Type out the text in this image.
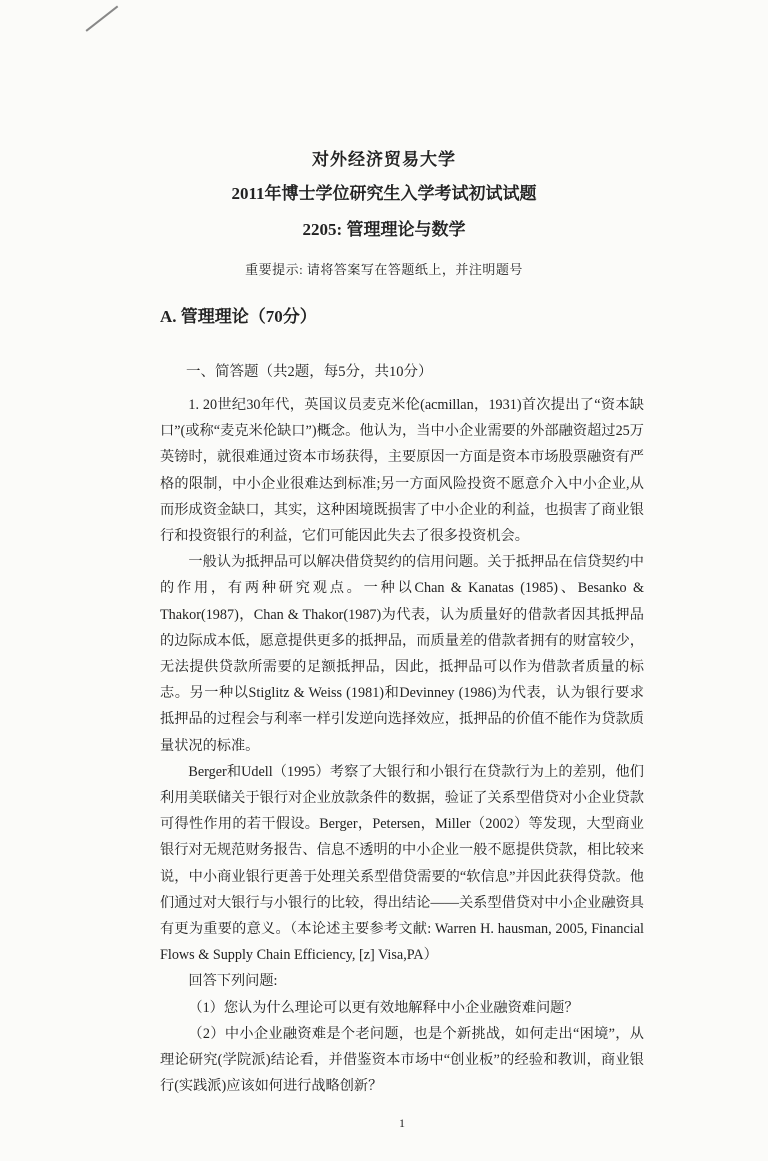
对外经济贸易大学
2011年博士学位研究生入学考试初试试题
2205: 管理理论与数学
重要提示: 请将答案写在答题纸上，并注明题号
A. 管理理论（70分）
一、简答题（共2题，每5分，共10分）

1. 20世纪30年代，英国议员麦克米伦(acmillan，1931)首次提出了“资本缺口”(或称“麦克米伦缺口”)概念。他认为，当中小企业需要的外部融资超过25万英镑时，就很难通过资本市场获得，主要原因一方面是资本市场股票融资有严格的限制，中小企业很难达到标准;另一方面风险投资不愿意介入中小企业,从而形成资金缺口，其实，这种困境既损害了中小企业的利益，也损害了商业银行和投资银行的利益，它们可能因此失去了很多投资机会。

一般认为抵押品可以解决借贷契约的信用问题。关于抵押品在信贷契约中的作用，有两种研究观点。一种以Chan & Kanatas (1985)、Besanko & Thakor(1987)，Chan & Thakor(1987)为代表，认为质量好的借款者因其抵押品的边际成本低，愿意提供更多的抵押品，而质量差的借款者拥有的财富较少，无法提供贷款所需要的足额抵押品，因此，抵押品可以作为借款者质量的标志。另一种以Stiglitz & Weiss (1981)和Devinney (1986)为代表，认为银行要求抵押品的过程会与利率一样引发逆向选择效应，抵押品的价值不能作为贷款质量状况的标准。

Berger和Udell（1995）考察了大银行和小银行在贷款行为上的差别，他们利用美联储关于银行对企业放款条件的数据，验证了关系型借贷对小企业贷款可得性作用的若干假设。Berger，Petersen，Miller（2002）等发现，大型商业银行对无规范财务报告、信息不透明的中小企业一般不愿提供贷款，相比较来说，中小商业银行更善于处理关系型借贷需要的“软信息”并因此获得贷款。他们通过对大银行与小银行的比较，得出结论——关系型借贷对中小企业融资具有更为重要的意义。（本论述主要参考文献: Warren H. hausman, 2005, Financial Flows & Supply Chain Efficiency, [z] Visa,PA）

回答下列问题:

（1）您认为什么理论可以更有效地解释中小企业融资难问题？

（2）中小企业融资难是个老问题，也是个新挑战，如何走出“困境”，从理论研究(学院派)结论看，并借鉴资本市场中“创业板”的经验和教训，商业银行(实践派)应该如何进行战略创新？

1
